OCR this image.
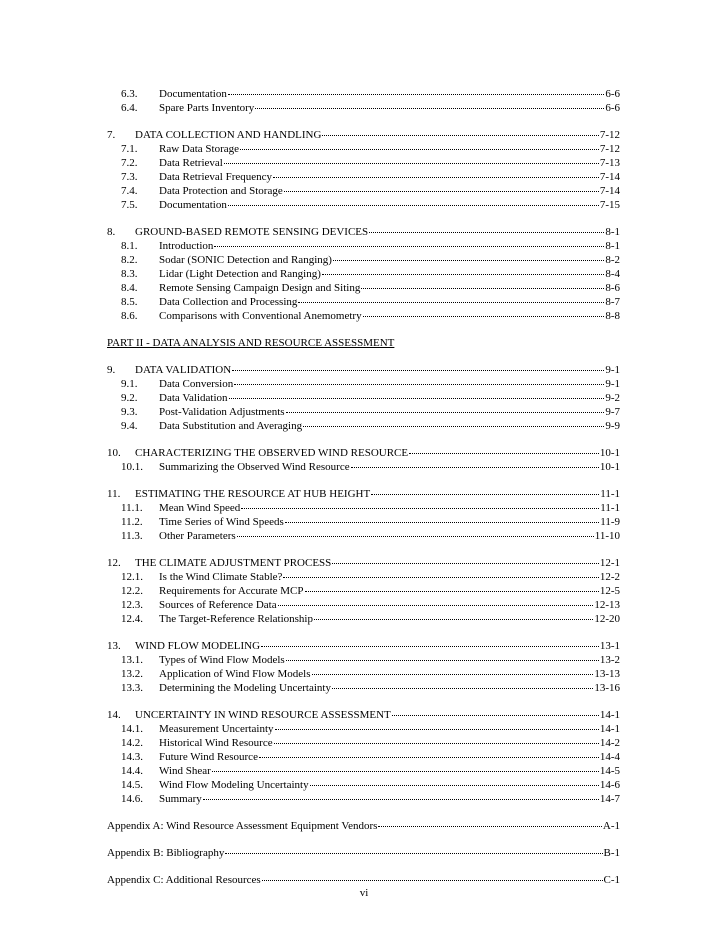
6.3.	Documentation	6-6
6.4.	Spare Parts Inventory	6-6
7.	DATA COLLECTION AND HANDLING	7-12
7.1.	Raw Data Storage	7-12
7.2.	Data Retrieval	7-13
7.3.	Data Retrieval Frequency	7-14
7.4.	Data Protection and Storage	7-14
7.5.	Documentation	7-15
8.	GROUND-BASED REMOTE SENSING DEVICES	8-1
8.1.	Introduction	8-1
8.2.	Sodar (SONIC Detection and Ranging)	8-2
8.3.	Lidar (Light Detection and Ranging)	8-4
8.4.	Remote Sensing Campaign Design and Siting	8-6
8.5.	Data Collection and Processing	8-7
8.6.	Comparisons with Conventional Anemometry	8-8
PART II - DATA ANALYSIS AND RESOURCE ASSESSMENT
9.	DATA VALIDATION	9-1
9.1.	Data Conversion	9-1
9.2.	Data Validation	9-2
9.3.	Post-Validation Adjustments	9-7
9.4.	Data Substitution and Averaging	9-9
10.	CHARACTERIZING THE OBSERVED WIND RESOURCE	10-1
10.1.	Summarizing the Observed Wind Resource	10-1
11.	ESTIMATING THE RESOURCE AT HUB HEIGHT	11-1
11.1.	Mean Wind Speed	11-1
11.2.	Time Series of Wind Speeds	11-9
11.3.	Other Parameters	11-10
12.	THE CLIMATE ADJUSTMENT PROCESS	12-1
12.1.	Is the Wind Climate Stable?	12-2
12.2.	Requirements for Accurate MCP	12-5
12.3.	Sources of Reference Data	12-13
12.4.	The Target-Reference Relationship	12-20
13.	WIND FLOW MODELING	13-1
13.1.	Types of Wind Flow Models	13-2
13.2.	Application of Wind Flow Models	13-13
13.3.	Determining the Modeling Uncertainty	13-16
14.	UNCERTAINTY IN WIND RESOURCE ASSESSMENT	14-1
14.1.	Measurement Uncertainty	14-1
14.2.	Historical Wind Resource	14-2
14.3.	Future Wind Resource	14-4
14.4.	Wind Shear	14-5
14.5.	Wind Flow Modeling Uncertainty	14-6
14.6.	Summary	14-7
Appendix A: Wind Resource Assessment Equipment Vendors	A-1
Appendix B: Bibliography	B-1
Appendix C: Additional Resources	C-1
vi
